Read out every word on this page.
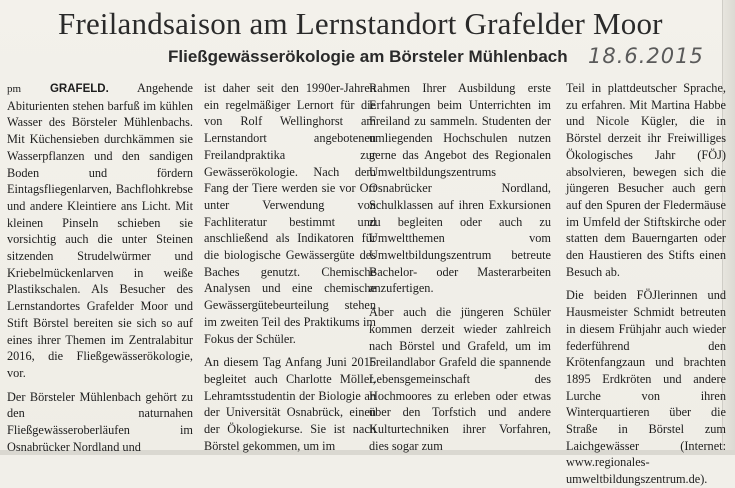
Freilandsaison am Lernstandort Grafelder Moor
Fließgewässerökologie am Börsteler Mühlenbach 18.6.2015

pm	GRAFELD. Angehende Abiturienten stehen barfuß im kühlen Wasser des Börsteler Mühlenbachs. Mit Küchensieben durchkämmen sie Wasserpflanzen und den sandigen Boden und fördern Eintagsfliegenlarven, Bachflohkrebse und andere Kleintiere ans Licht. Mit kleinen Pinseln schieben sie vorsichtig auch die unter Steinen sitzenden Strudelwürmer und Kriebelmückenlarven in weiße Plastikschalen. Als Besucher des Lernstandortes Grafelder Moor und Stift Börstel bereiten sie sich so auf eines ihrer Themen im Zentralabitur 2016, die Fließgewässerökologie, vor.

Der Börsteler Mühlenbach gehört zu den naturnahen Fließgewässeroberläufen im Osnabrücker Nordland und

ist daher seit den 1990er-Jahren ein regelmäßiger Lernort für die von Rolf Wellinghorst am Lernstandort angebotenen Freilandpraktika zur Gewässerökologie. Nach dem Fang der Tiere werden sie vor Ort unter Verwendung von Fachliteratur bestimmt und anschließend als Indikatoren für die biologische Gewässergüte des Baches genutzt. Chemische Analysen und eine chemische Gewässergütebeurteilung stehen im zweiten Teil des Praktikums im Fokus der Schüler.

An diesem Tag Anfang Juni 2015 begleitet auch Charlotte Möller, Lehramtsstudentin der Biologie an der Universität Osnabrück, einen der Ökologiekurse. Sie ist nach Börstel gekommen, um im

Rahmen Ihrer Ausbildung erste Erfahrungen beim Unterrichten im Freiland zu sammeln. Studenten der umliegenden Hochschulen nutzen gerne das Angebot des Regionalen Umweltbildungszentrums Osnabrücker Nordland, Schulklassen auf ihren Exkursionen zu begleiten oder auch zu Umweltthemen vom Umweltbildungszentrum betreute Bachelor- oder Masterarbeiten anzufertigen.

Aber auch die jüngeren Schüler kommen derzeit wieder zahlreich nach Börstel und Grafeld, um im Freilandlabor Grafeld die spannende Lebensgemeinschaft des Hochmoores zu erleben oder etwas über den Torfstich und andere Kulturtechniken ihrer Vorfahren, dies sogar zum

Teil in plattdeutscher Sprache, zu erfahren. Mit Martina Habbe und Nicole Kügler, die in Börstel derzeit ihr Freiwilliges Ökologisches Jahr (FÖJ) absolvieren, bewegen sich die jüngeren Besucher auch gern auf den Spuren der Fledermäuse im Umfeld der Stiftskirche oder statten dem Bauerngarten oder den Haustieren des Stifts einen Besuch ab.

Die beiden FÖJlerinnen und Hausmeister Schmidt betreuten in diesem Frühjahr auch wieder federführend den Krötenfangzaun und brachten 1895 Erdkröten und andere Lurche von ihren Winterquartieren über die Straße in Börstel zum Laichgewässer (Internet: www.regionales-umweltbildungszentrum.de).
